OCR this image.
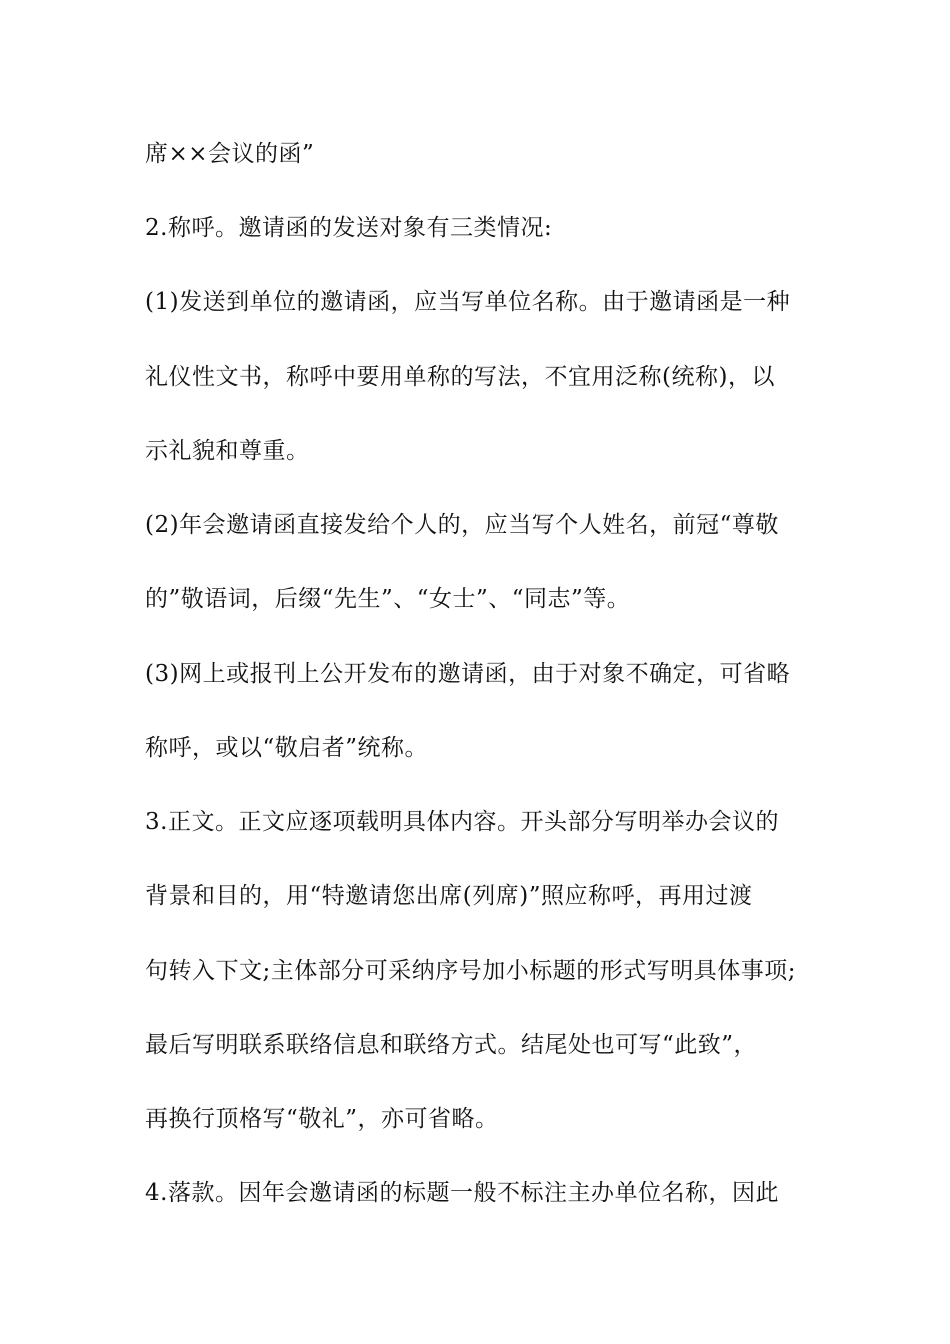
席××会议的函”
2.称呼。邀请函的发送对象有三类情况:
(1)发送到单位的邀请函，应当写单位名称。由于邀请函是一种
礼仪性文书，称呼中要用单称的写法，不宜用泛称(统称)，以
示礼貌和尊重。
(2)年会邀请函直接发给个人的，应当写个人姓名，前冠“尊敬
的”敬语词，后缀“先生”、“女士”、“同志”等。
(3)网上或报刊上公开发布的邀请函，由于对象不确定，可省略
称呼，或以“敬启者”统称。
3.正文。正文应逐项载明具体内容。开头部分写明举办会议的
背景和目的，用“特邀请您出席(列席)”照应称呼，再用过渡
句转入下文;主体部分可采纳序号加小标题的形式写明具体事项;
最后写明联系联络信息和联络方式。结尾处也可写“此致”，
再换行顶格写“敬礼”，亦可省略。
4.落款。因年会邀请函的标题一般不标注主办单位名称，因此
